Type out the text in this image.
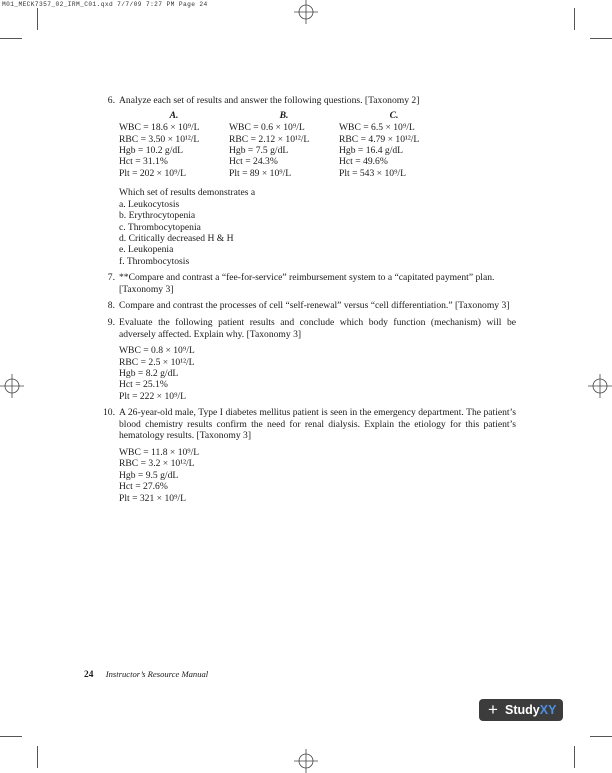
M01_MECK7357_02_IRM_C01.qxd 7/7/09 7:27 PM Page 24
6. Analyze each set of results and answer the following questions. [Taxonomy 2]
A.	B.	C.
WBC = 18.6 × 10⁹/L	WBC = 0.6 × 10⁹/L	WBC = 6.5 × 10⁹/L
RBC = 3.50 × 10¹²/L	RBC = 2.12 × 10¹²/L	RBC = 4.79 × 10¹²/L
Hgb = 10.2 g/dL	Hgb = 7.5 g/dL	Hgb = 16.4 g/dL
Hct = 31.1%	Hct = 24.3%	Hct = 49.6%
Plt = 202 × 10⁹/L	Plt = 89 × 10⁹/L	Plt = 543 × 10⁹/L
Which set of results demonstrates a
a. Leukocytosis
b. Erythrocytopenia
c. Thrombocytopenia
d. Critically decreased H & H
e. Leukopenia
f. Thrombocytosis
7. **Compare and contrast a “fee-for-service” reimbursement system to a “capitated payment” plan. [Taxonomy 3]
8. Compare and contrast the processes of cell “self-renewal” versus “cell differentiation.” [Taxonomy 3]
9. Evaluate the following patient results and conclude which body function (mechanism) will be adversely affected. Explain why. [Taxonomy 3]
WBC = 0.8 × 10⁹/L
RBC = 2.5 × 10¹²/L
Hgb = 8.2 g/dL
Hct = 25.1%
Plt = 222 × 10⁹/L
10. A 26-year-old male, Type I diabetes mellitus patient is seen in the emergency department. The patient’s blood chemistry results confirm the need for renal dialysis. Explain the etiology for this patient’s hematology results. [Taxonomy 3]
WBC = 11.8 × 10⁹/L
RBC = 3.2 × 10¹²/L
Hgb = 9.5 g/dL
Hct = 27.6%
Plt = 321 × 10⁹/L
24 Instructor’s Resource Manual
+ StudyXY
